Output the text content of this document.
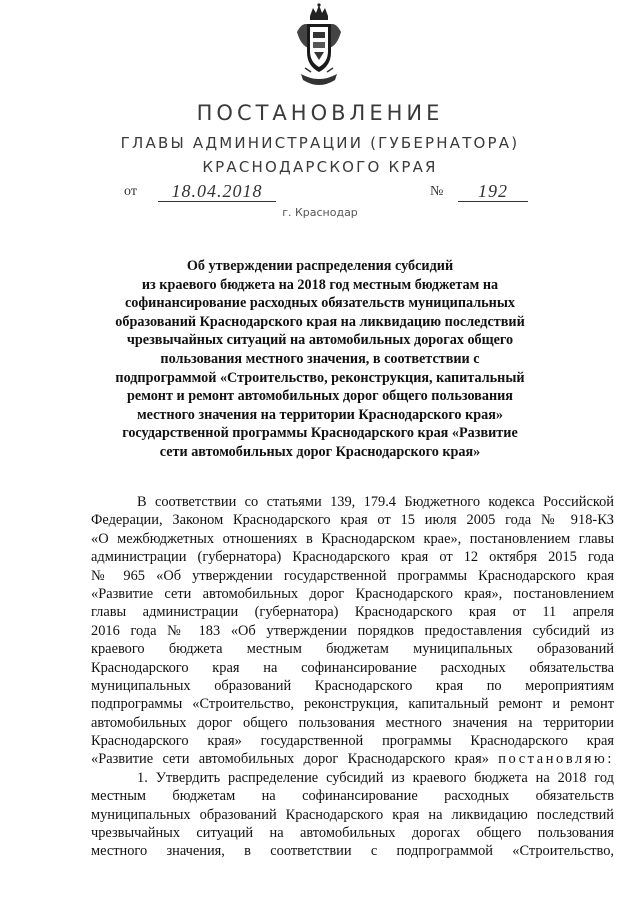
ПОСТАНОВЛЕНИЕ
ГЛАВЫ АДМИНИСТРАЦИИ (ГУБЕРНАТОРА)
КРАСНОДАРСКОГО КРАЯ
от	18.04.2018	№	192
г. Краснодар
Об утверждении распределения субсидий
из краевого бюджета на 2018 год местным бюджетам на
софинансирование расходных обязательств муниципальных
образований Краснодарского края на ликвидацию последствий
чрезвычайных ситуаций на автомобильных дорогах общего
пользования местного значения, в соответствии с
подпрограммой «Строительство, реконструкция, капитальный
ремонт и ремонт автомобильных дорог общего пользования
местного значения на территории Краснодарского края»
государственной программы Краснодарского края «Развитие
сети автомобильных дорог Краснодарского края»
В соответствии со статьями 139, 179.4 Бюджетного кодекса Российской
Федерации, Законом Краснодарского края от 15 июля 2005 года № 918-КЗ
«О межбюджетных отношениях в Краснодарском крае», постановлением главы
администрации (губернатора) Краснодарского края от 12 октября 2015 года
№ 965 «Об утверждении государственной программы Краснодарского края
«Развитие сети автомобильных дорог Краснодарского края», постановлением
главы администрации (губернатора) Краснодарского края от 11 апреля
2016 года № 183 «Об утверждении порядков предоставления субсидий из
краевого бюджета местным бюджетам муниципальных образований
Краснодарского края на софинансирование расходных обязательства
муниципальных образований Краснодарского края по мероприятиям
подпрограммы «Строительство, реконструкция, капитальный ремонт и ремонт
автомобильных дорог общего пользования местного значения на территории
Краснодарского края» государственной программы Краснодарского края
«Развитие сети автомобильных дорог Краснодарского края» постановляю:
1. Утвердить распределение субсидий из краевого бюджета на 2018 год
местным бюджетам на софинансирование расходных обязательств
муниципальных образований Краснодарского края на ликвидацию последствий
чрезвычайных ситуаций на автомобильных дорогах общего пользования
местного значения, в соответствии с подпрограммой «Строительство,
